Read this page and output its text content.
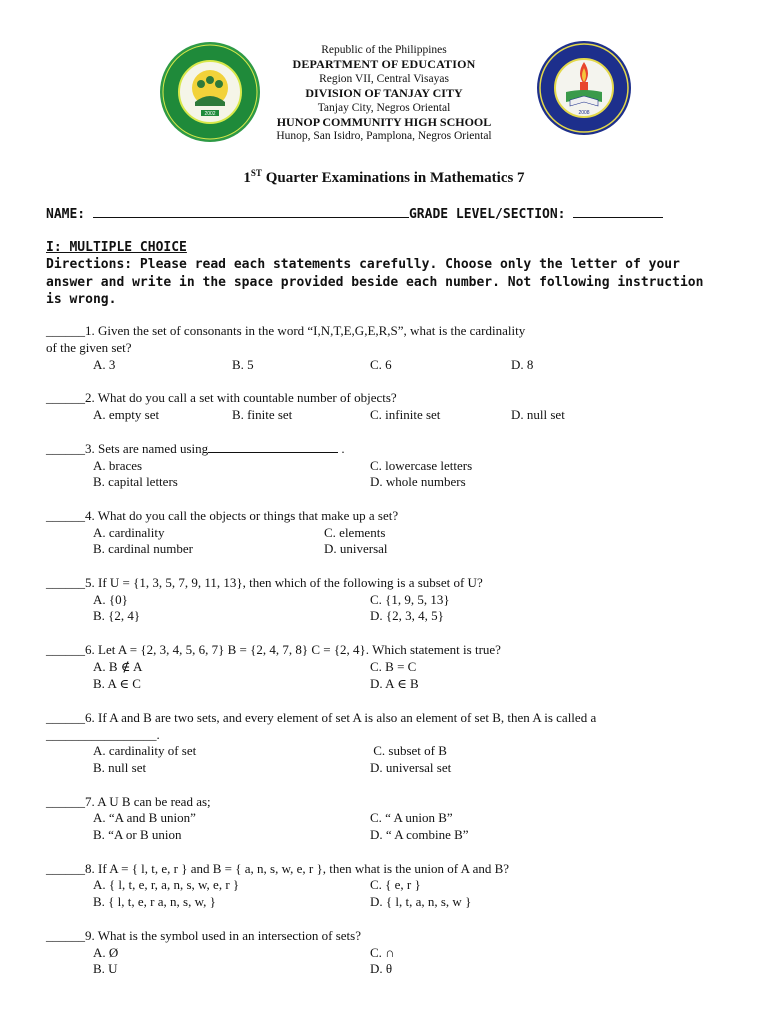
2002	2008
Republic of the Philippines
DEPARTMENT OF EDUCATION
Region VII, Central Visayas
DIVISION OF TANJAY CITY
Tanjay City, Negros Oriental
HUNOP COMMUNITY HIGH SCHOOL
Hunop, San Isidro, Pamplona, Negros Oriental
1ST Quarter Examinations in Mathematics 7
NAME:	GRADE LEVEL/SECTION:
I: MULTIPLE CHOICE
Directions: Please read each statements carefully. Choose only the letter of your answer and write in the space provided beside each number. Not following instruction is wrong.
______1. Given the set of consonants in the word “I,N,T,E,G,E,R,S”, what is the cardinality
of the given set?
A. 3	B. 5	C. 6	D. 8
______2. What do you call a set with countable number of objects?
A. empty set	B. finite set	C. infinite set	D. null set
______3. Sets are named using	.
A. braces	C. lowercase letters
B. capital letters	D. whole numbers
______4. What do you call the objects or things that make up a set?
A. cardinality	C. elements
B. cardinal number	D. universal
______5. If U = {1, 3, 5, 7, 9, 11, 13}, then which of the following is a subset of U?
A. {0}	C. {1, 9, 5, 13}
B. {2, 4}	D. {2, 3, 4, 5}
______6. Let A = {2, 3, 4, 5, 6, 7} B = {2, 4, 7, 8} C = {2, 4}. Which statement is true?
A. B ∉ A	C. B = C
B. A ∈ C	D. A ∈ B
______6. If A and B are two sets, and every element of set A is also an element of set B, then A is called a
_________________.
A. cardinality of set	C. subset of B
B. null set	D. universal set
______7. A U B can be read as;
A. “A and B union”	C. “ A union B”
B. “A or B union	D. “ A combine B”
______8. If A = { l, t, e, r } and B = { a, n, s, w, e, r }, then what is the union of A and B?
A. { l, t, e, r, a, n, s, w, e, r }	C. { e, r }
B. { l, t, e, r a, n, s, w, }	D. { l, t, a, n, s, w }
______9. What is the symbol used in an intersection of sets?
A. Ø	C. ∩
B. U	D. θ
